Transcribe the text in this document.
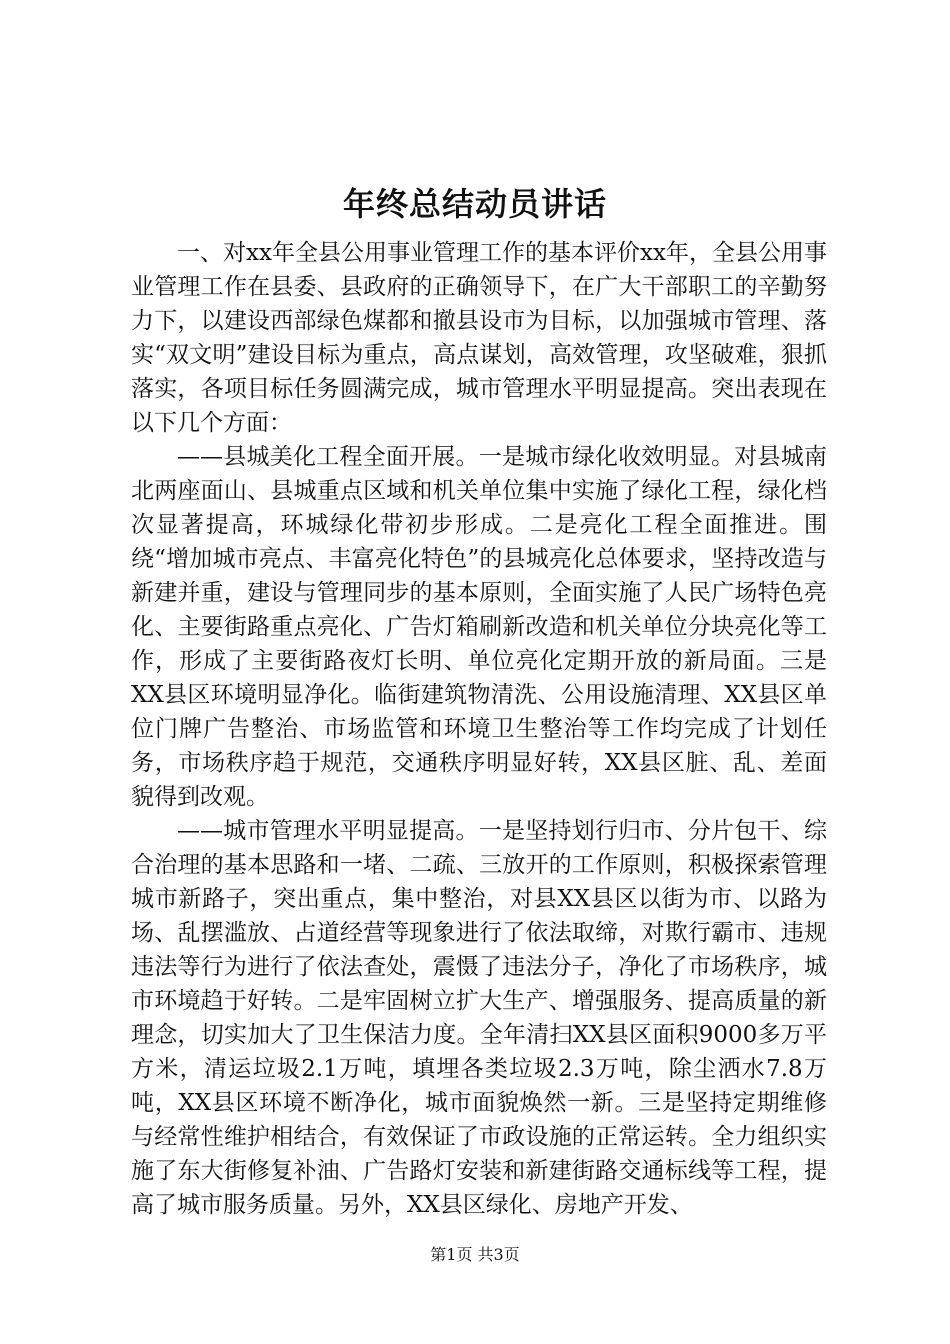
年终总结动员讲话

一、对xx年全县公用事业管理工作的基本评价xx年，全县公用事业管理工作在县委、县政府的正确领导下，在广大干部职工的辛勤努力下，以建设西部绿色煤都和撤县设市为目标，以加强城市管理、落实“双文明”建设目标为重点，高点谋划，高效管理，攻坚破难，狠抓落实，各项目标任务圆满完成，城市管理水平明显提高。突出表现在以下几个方面：

——县城美化工程全面开展。一是城市绿化收效明显。对县城南北两座面山、县城重点区域和机关单位集中实施了绿化工程，绿化档次显著提高，环城绿化带初步形成。二是亮化工程全面推进。围绕“增加城市亮点、丰富亮化特色”的县城亮化总体要求，坚持改造与新建并重，建设与管理同步的基本原则，全面实施了人民广场特色亮化、主要街路重点亮化、广告灯箱刷新改造和机关单位分块亮化等工作，形成了主要街路夜灯长明、单位亮化定期开放的新局面。三是XX县区环境明显净化。临街建筑物清洗、公用设施清理、XX县区单位门牌广告整治、市场监管和环境卫生整治等工作均完成了计划任务，市场秩序趋于规范，交通秩序明显好转，XX县区脏、乱、差面貌得到改观。

——城市管理水平明显提高。一是坚持划行归市、分片包干、综合治理的基本思路和一堵、二疏、三放开的工作原则，积极探索管理城市新路子，突出重点，集中整治，对县XX县区以街为市、以路为场、乱摆滥放、占道经营等现象进行了依法取缔，对欺行霸市、违规违法等行为进行了依法查处，震慑了违法分子，净化了市场秩序，城市环境趋于好转。二是牢固树立扩大生产、增强服务、提高质量的新理念，切实加大了卫生保洁力度。全年清扫XX县区面积9000多万平方米，清运垃圾2.1万吨，填埋各类垃圾2.3万吨，除尘洒水7.8万吨，XX县区环境不断净化，城市面貌焕然一新。三是坚持定期维修与经常性维护相结合，有效保证了市政设施的正常运转。全力组织实施了东大街修复补油、广告路灯安装和新建街路交通标线等工程，提高了城市服务质量。另外，XX县区绿化、房地产开发、

第1页 共3页
